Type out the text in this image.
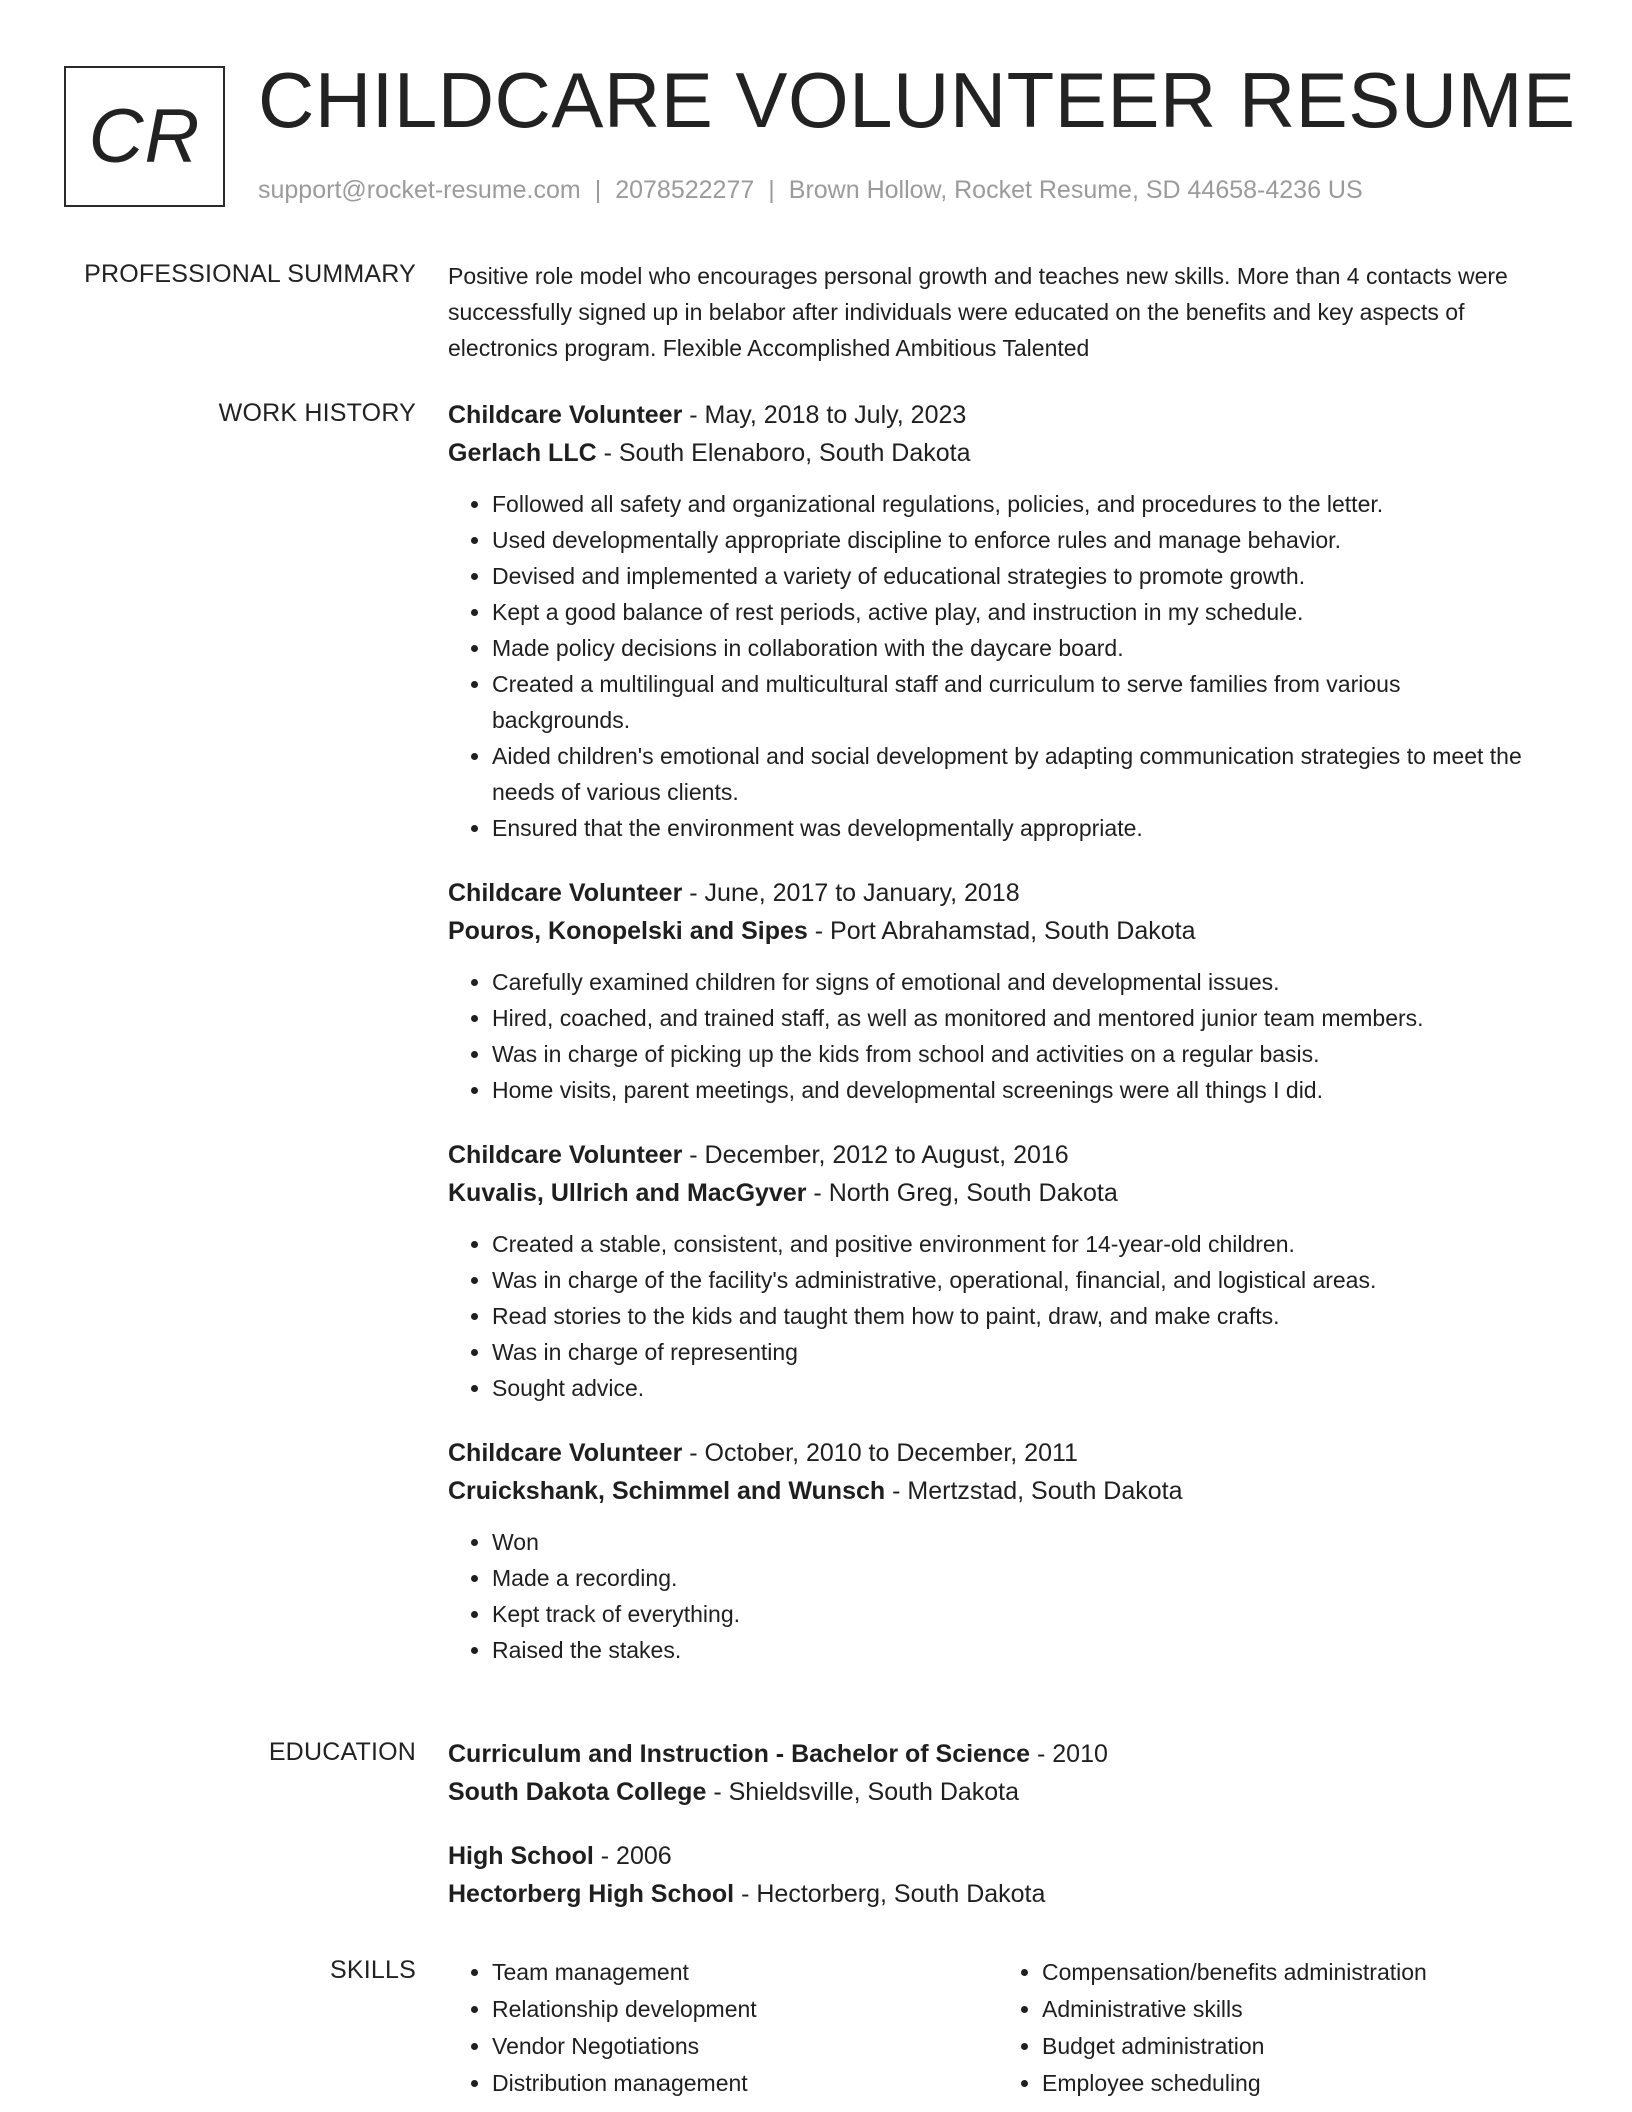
CR CHILDCARE VOLUNTEER RESUME
support@rocket-resume.com | 2078522277 | Brown Hollow, Rocket Resume, SD 44658-4236 US
PROFESSIONAL SUMMARY Positive role model who encourages personal growth and teaches new skills. More than 4 contacts were successfully signed up in belabor after individuals were educated on the benefits and key aspects of electronics program. Flexible Accomplished Ambitious Talented

WORK HISTORY Childcare Volunteer - May, 2018 to July, 2023
Gerlach LLC - South Elenaboro, South Dakota
• Followed all safety and organizational regulations, policies, and procedures to the letter.
• Used developmentally appropriate discipline to enforce rules and manage behavior.
• Devised and implemented a variety of educational strategies to promote growth.
• Kept a good balance of rest periods, active play, and instruction in my schedule.
• Made policy decisions in collaboration with the daycare board.
• Created a multilingual and multicultural staff and curriculum to serve families from various backgrounds.
• Aided children's emotional and social development by adapting communication strategies to meet the needs of various clients.
• Ensured that the environment was developmentally appropriate.
Childcare Volunteer - June, 2017 to January, 2018
Pouros, Konopelski and Sipes - Port Abrahamstad, South Dakota
• Carefully examined children for signs of emotional and developmental issues.
• Hired, coached, and trained staff, as well as monitored and mentored junior team members.
• Was in charge of picking up the kids from school and activities on a regular basis.
• Home visits, parent meetings, and developmental screenings were all things I did.
Childcare Volunteer - December, 2012 to August, 2016
Kuvalis, Ullrich and MacGyver - North Greg, South Dakota
• Created a stable, consistent, and positive environment for 14-year-old children.
• Was in charge of the facility's administrative, operational, financial, and logistical areas.
• Read stories to the kids and taught them how to paint, draw, and make crafts.
• Was in charge of representing
• Sought advice.
Childcare Volunteer - October, 2010 to December, 2011
Cruickshank, Schimmel and Wunsch - Mertzstad, South Dakota
• Won
• Made a recording.
• Kept track of everything.
• Raised the stakes.
EDUCATION Curriculum and Instruction - Bachelor of Science - 2010
South Dakota College - Shieldsville, South Dakota
High School - 2006
Hectorberg High School - Hectorberg, South Dakota
SKILLS
•	Team management
• Relationship development
• Vendor Negotiations
• Distribution management
• Compensation/benefits administration
• Administrative skills
• Budget administration
• Employee scheduling
